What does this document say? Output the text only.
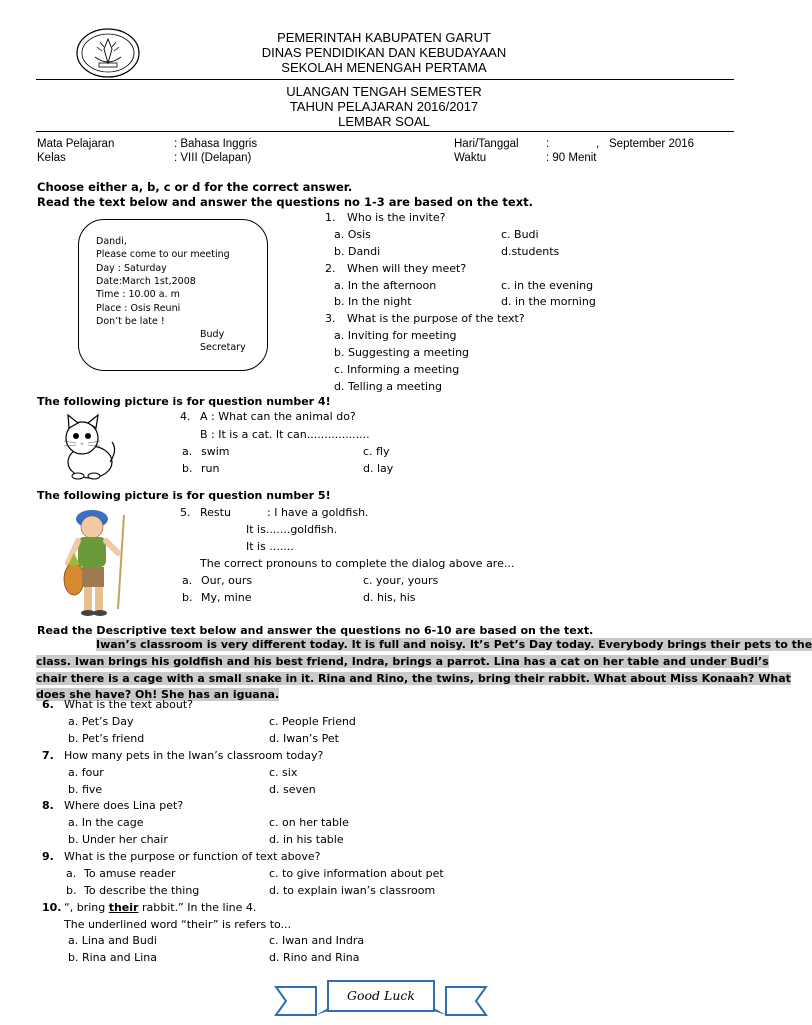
PEMERINTAH KABUPATEN GARUT
DINAS PENDIDIKAN DAN KEBUDAYAAN
SEKOLAH MENENGAH PERTAMA
ULANGAN TENGAH SEMESTER
TAHUN PELAJARAN 2016/2017
LEMBAR SOAL
Mata Pelajaran	: Bahasa Inggris
Kelas	: VIII (Delapan)
Hari/Tanggal :	, September 2016
Waktu	: 90 Menit
Choose either a, b, c or d for the correct answer.
Read the text below and answer the questions no 1-3 are based on the text.
Dandi,
Please come to our meeting
Day : Saturday
Date:March 1st,2008
Time : 10.00 a. m
Place : Osis Reuni
Don’t be late !
Budy
Secretary
1. Who is the invite?
a. Osis	c. Budi
b. Dandi	d.students
2. When will they meet?
a. In the afternoon	c. in the evening
b. In the night	d. in the morning
3. What is the purpose of the text?
a. Inviting for meeting
b. Suggesting a meeting
c. Informing a meeting
d. Telling a meeting
The following picture is for question number 4!
4. A : What can the animal do?
B : It is a cat. It can..................
a. swim	c. fly
b. run	d. lay
The following picture is for question number 5!
5. Restu	: I have a goldfish.
It is.......goldfish.
It is .......
The correct pronouns to complete the dialog above are...
a. Our, ours	c. your, yours
b. My, mine	d. his, his
Read the Descriptive text below and answer the questions no 6-10 are based on the text.
Iwan’s classroom is very different today. It is full and noisy. It’s Pet’s Day today. Everybody brings their pets to the
class. Iwan brings his goldfish and his best friend, Indra, brings a parrot. Lina has a cat on her table and under Budi’s
chair there is a cage with a small snake in it. Rina and Rino, the twins, bring their rabbit. What about Miss Konaah? What
does she have? Oh! She has an iguana.
6. What is the text about?
a. Pet’s Day	c. People Friend
b. Pet’s friend	d. Iwan’s Pet
7. How many pets in the Iwan’s classroom today?
a. four	c. six
b. five	d. seven
8. Where does Lina pet?
a. In the cage	c. on her table
b. Under her chair	d. in his table
9. What is the purpose or function of text above?
a. To amuse reader	c. to give information about pet
b. To describe the thing	d. to explain iwan’s classroom
10. “, bring their rabbit.” In the line 4.
The underlined word “their” is refers to...
a. Lina and Budi	c. Iwan and Indra
b. Rina and Lina	d. Rino and Rina
Good Luck
